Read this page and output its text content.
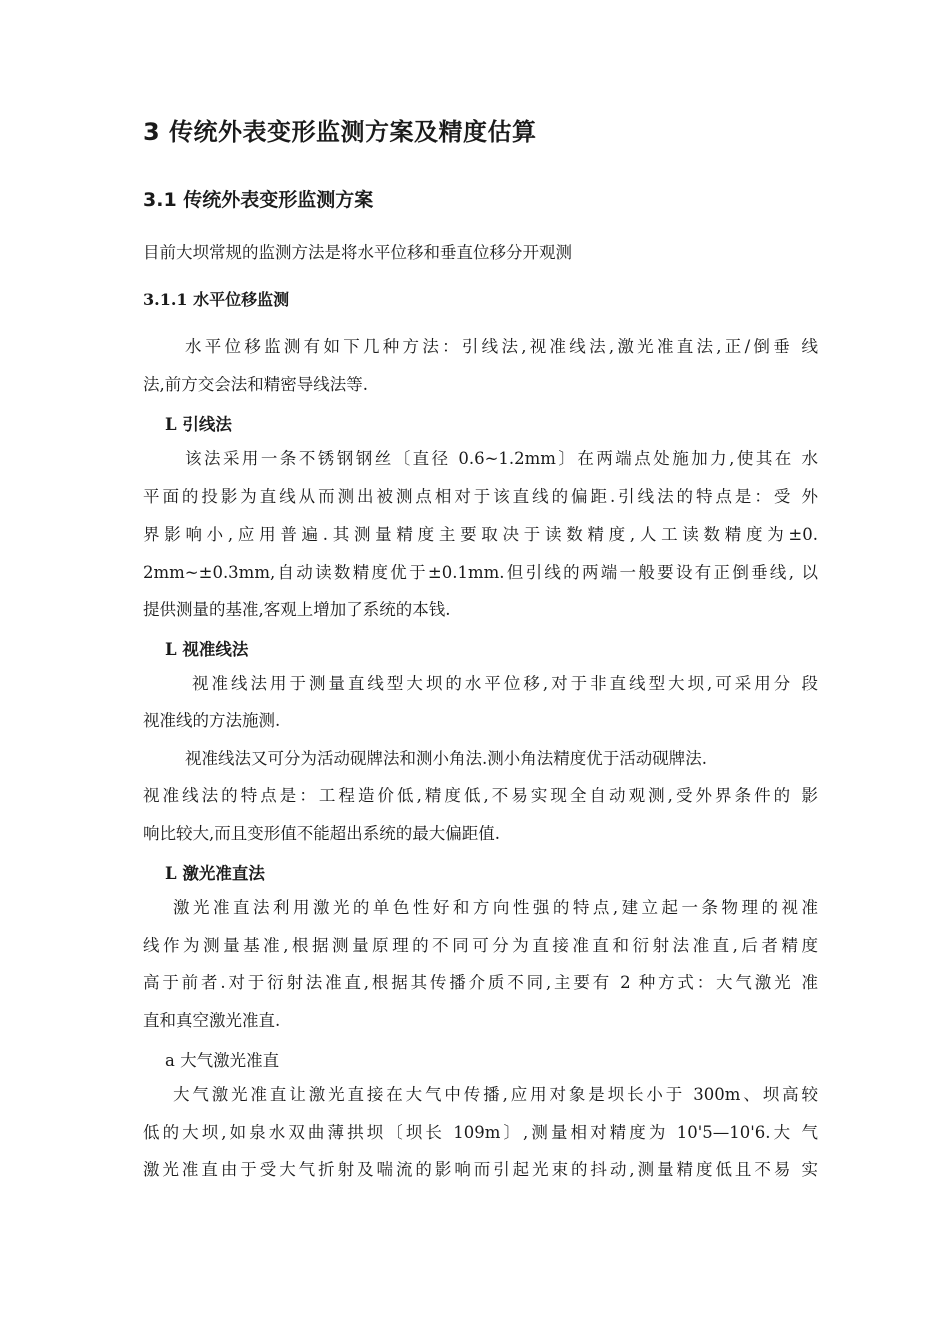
3 传统外表变形监测方案及精度估算
3.1 传统外表变形监测方案
目前大坝常规的监测方法是将水平位移和垂直位移分开观测
3.1.1 水平位移监测
水平位移监测有如下几种方法：引线法,视准线法,激光准直法,正/倒垂 线
法,前方交会法和精密导线法等.
L 引线法
该法采用一条不锈钢钢丝〔直径 0.6~1.2mm〕在两端点处施加力,使其在 水
平面的投影为直线从而测出被测点相对于该直线的偏距.引线法的特点是：受 外
界影响小,应用普遍.其测量精度主要取决于读数精度,人工读数精度为±0.
2mm~±0.3mm,自动读数精度优于±0.1mm.但引线的两端一般要设有正倒垂线, 以
提供测量的基准,客观上增加了系统的本钱.
L 视准线法
视准线法用于测量直线型大坝的水平位移,对于非直线型大坝,可采用分 段
视准线的方法施测.
视准线法又可分为活动砚牌法和测小角法.测小角法精度优于活动砚牌法.
视准线法的特点是：工程造价低,精度低,不易实现全自动观测,受外界条件的 影
响比较大,而且变形值不能超出系统的最大偏距值.
L 激光准直法
激光准直法利用激光的单色性好和方向性强的特点,建立起一条物理的视准
线作为测量基准,根据测量原理的不同可分为直接准直和衍射法准直,后者精度
高于前者.对于衍射法准直,根据其传播介质不同,主要有 2 种方式：大气激光 准
直和真空激光准直.
a 大气激光准直
大气激光准直让激光直接在大气中传播,应用对象是坝长小于 300m、坝高较
低的大坝,如泉水双曲薄拱坝〔坝长 109m〕,测量相对精度为 10'5—10'6.大 气
激光准直由于受大气折射及喘流的影响而引起光束的抖动,测量精度低且不易 实
